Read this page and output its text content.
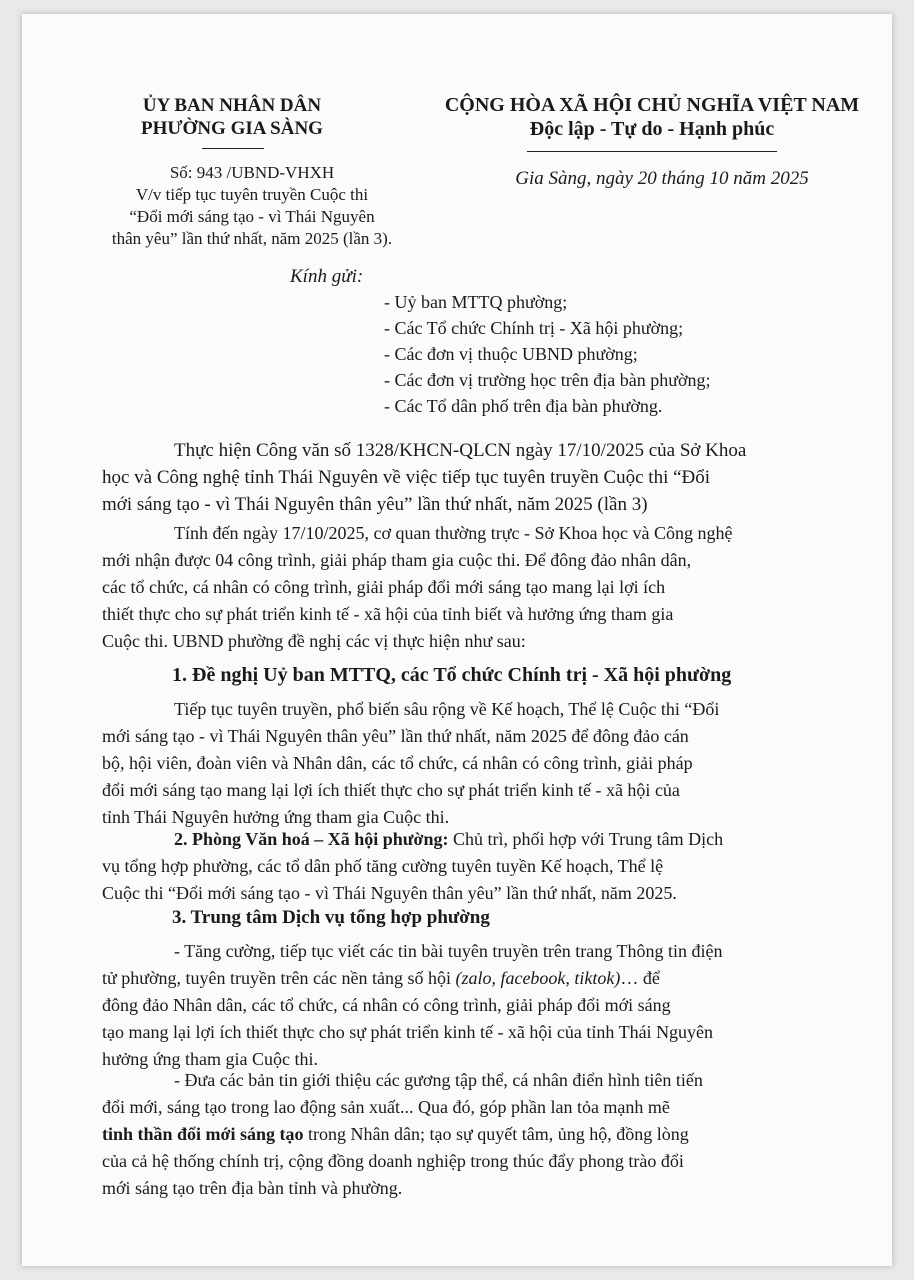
ỦY BAN NHÂN DÂN
PHƯỜNG GIA SÀNG
CỘNG HÒA XÃ HỘI CHỦ NGHĨA VIỆT NAM
Độc lập - Tự do - Hạnh phúc
Số: 943 /UBND-VHXH
V/v tiếp tục tuyên truyền Cuộc thi
“Đổi mới sáng tạo - vì Thái Nguyên
thân yêu” lần thứ nhất, năm 2025 (lần 3).
Gia Sàng, ngày 20 tháng 10 năm 2025
Kính gửi:
- Uỷ ban MTTQ phường;
- Các Tổ chức Chính trị - Xã hội phường;
- Các đơn vị thuộc UBND phường;
- Các đơn vị trường học trên địa bàn phường;
- Các Tổ dân phố trên địa bàn phường.
Thực hiện Công văn số 1328/KHCN-QLCN ngày 17/10/2025 của Sở Khoa
học và Công nghệ tỉnh Thái Nguyên về việc tiếp tục tuyên truyền Cuộc thi “Đổi
mới sáng tạo - vì Thái Nguyên thân yêu” lần thứ nhất, năm 2025 (lần 3)
Tính đến ngày 17/10/2025, cơ quan thường trực - Sở Khoa học và Công nghệ
mới nhận được 04 công trình, giải pháp tham gia cuộc thi. Để đông đảo nhân dân,
các tổ chức, cá nhân có công trình, giải pháp đổi mới sáng tạo mang lại lợi ích
thiết thực cho sự phát triển kinh tế - xã hội của tỉnh biết và hưởng ứng tham gia
Cuộc thi. UBND phường đề nghị các vị thực hiện như sau:
1. Đề nghị Uỷ ban MTTQ, các Tổ chức Chính trị - Xã hội phường
Tiếp tục tuyên truyền, phổ biến sâu rộng về Kế hoạch, Thể lệ Cuộc thi “Đổi
mới sáng tạo - vì Thái Nguyên thân yêu” lần thứ nhất, năm 2025 để đông đảo cán
bộ, hội viên, đoàn viên và Nhân dân, các tổ chức, cá nhân có công trình, giải pháp
đổi mới sáng tạo mang lại lợi ích thiết thực cho sự phát triển kinh tế - xã hội của
tỉnh Thái Nguyên hưởng ứng tham gia Cuộc thi.
2. Phòng Văn hoá – Xã hội phường: Chủ trì, phối hợp với Trung tâm Dịch
vụ tổng hợp phường, các tổ dân phố tăng cường tuyên tuyền Kế hoạch, Thể lệ
Cuộc thi “Đổi mới sáng tạo - vì Thái Nguyên thân yêu” lần thứ nhất, năm 2025.
3. Trung tâm Dịch vụ tổng hợp phường
- Tăng cường, tiếp tục viết các tin bài tuyên truyền trên trang Thông tin điện
tử phường, tuyên truyền trên các nền tảng số hội (zalo, facebook, tiktok)… để
đông đảo Nhân dân, các tổ chức, cá nhân có công trình, giải pháp đổi mới sáng
tạo mang lại lợi ích thiết thực cho sự phát triển kinh tế - xã hội của tỉnh Thái Nguyên
hưởng ứng tham gia Cuộc thi.
- Đưa các bản tin giới thiệu các gương tập thể, cá nhân điển hình tiên tiến
đổi mới, sáng tạo trong lao động sản xuất... Qua đó, góp phần lan tỏa mạnh mẽ
tinh thần đổi mới sáng tạo trong Nhân dân; tạo sự quyết tâm, ủng hộ, đồng lòng
của cả hệ thống chính trị, cộng đồng doanh nghiệp trong thúc đẩy phong trào đổi
mới sáng tạo trên địa bàn tỉnh và phường.
